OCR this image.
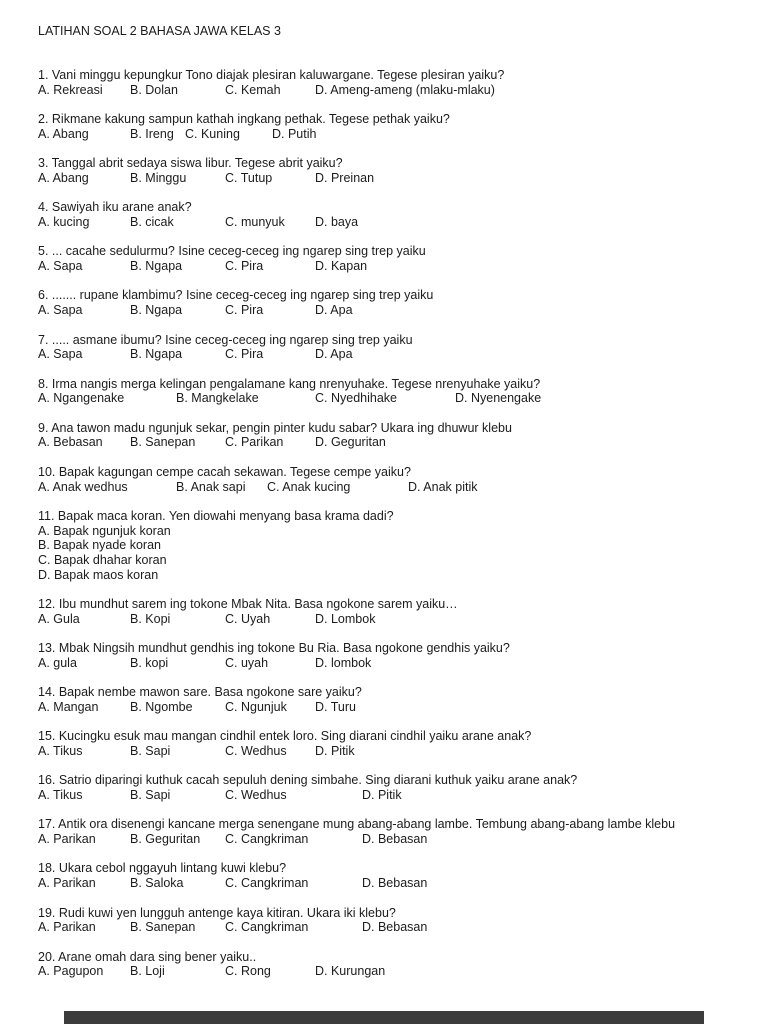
LATIHAN SOAL 2 BAHASA JAWA KELAS 3
1. Vani minggu kepungkur Tono diajak plesiran kaluwargane. Tegese plesiran yaiku?
A. Rekreasi B. Dolan	C. Kemah	D. Ameng-ameng (mlaku-mlaku)
2. Rikmane kakung sampun kathah ingkang pethak. Tegese pethak yaiku?
A. Abang	B. Ireng C. Kuning	D. Putih
3. Tanggal abrit sedaya siswa libur. Tegese abrit yaiku?
A. Abang	B. Minggu	C. Tutup	D. Preinan
4. Sawiyah iku arane anak?
A. kucing	B. cicak	C. munyuk D. baya
5. ... cacahe sedulurmu? Isine ceceg-ceceg ing ngarep sing trep yaiku
A. Sapa	B. Ngapa	C. Pira	D. Kapan
6. ....... rupane klambimu? Isine ceceg-ceceg ing ngarep sing trep yaiku
A. Sapa	B. Ngapa	C. Pira	D. Apa
7. ..... asmane ibumu? Isine ceceg-ceceg ing ngarep sing trep yaiku
A. Sapa	B. Ngapa	C. Pira	D. Apa
8. Irma nangis merga kelingan pengalamane kang nrenyuhake. Tegese nrenyuhake yaiku?
A. Ngangenake	B. Mangkelake	C. Nyedhihake	D. Nyenengake
9. Ana tawon madu ngunjuk sekar, pengin pinter kudu sabar? Ukara ing dhuwur klebu
A. Bebasan B. Sanepan C. Parikan	D. Geguritan
10. Bapak kagungan cempe cacah sekawan. Tegese cempe yaiku?
A. Anak wedhus	B. Anak sapi C. Anak kucing	D. Anak pitik
11. Bapak maca koran. Yen diowahi menyang basa krama dadi?
A. Bapak ngunjuk koran
B. Bapak nyade koran
C. Bapak dhahar koran
D. Bapak maos koran
12. Ibu mundhut sarem ing tokone Mbak Nita. Basa ngokone sarem yaiku…
A. Gula	B. Kopi	C. Uyah	D. Lombok
13. Mbak Ningsih mundhut gendhis ing tokone Bu Ria. Basa ngokone gendhis yaiku?
A. gula	B. kopi	C. uyah	D. lombok
14. Bapak nembe mawon sare. Basa ngokone sare yaiku?
A. Mangan	B. Ngombe	C. Ngunjuk D. Turu
15. Kucingku esuk mau mangan cindhil entek loro. Sing diarani cindhil yaiku arane anak?
A. Tikus	B. Sapi	C. Wedhus D. Pitik
16. Satrio diparingi kuthuk cacah sepuluh dening simbahe. Sing diarani kuthuk yaiku arane anak?
A. Tikus	B. Sapi	C. Wedhus	D. Pitik
17. Antik ora disenengi kancane merga senengane mung abang-abang lambe. Tembung abang-abang lambe klebu
A. Parikan	B. Geguritan C. Cangkriman	D. Bebasan
18. Ukara cebol nggayuh lintang kuwi klebu?
A. Parikan	B. Saloka	C. Cangkriman	D. Bebasan
19. Rudi kuwi yen lungguh antenge kaya kitiran. Ukara iki klebu?
A. Parikan	B. Sanepan C. Cangkriman	D. Bebasan
20. Arane omah dara sing bener yaiku..
A. Pagupon B. Loji	C. Rong	D. Kurungan
